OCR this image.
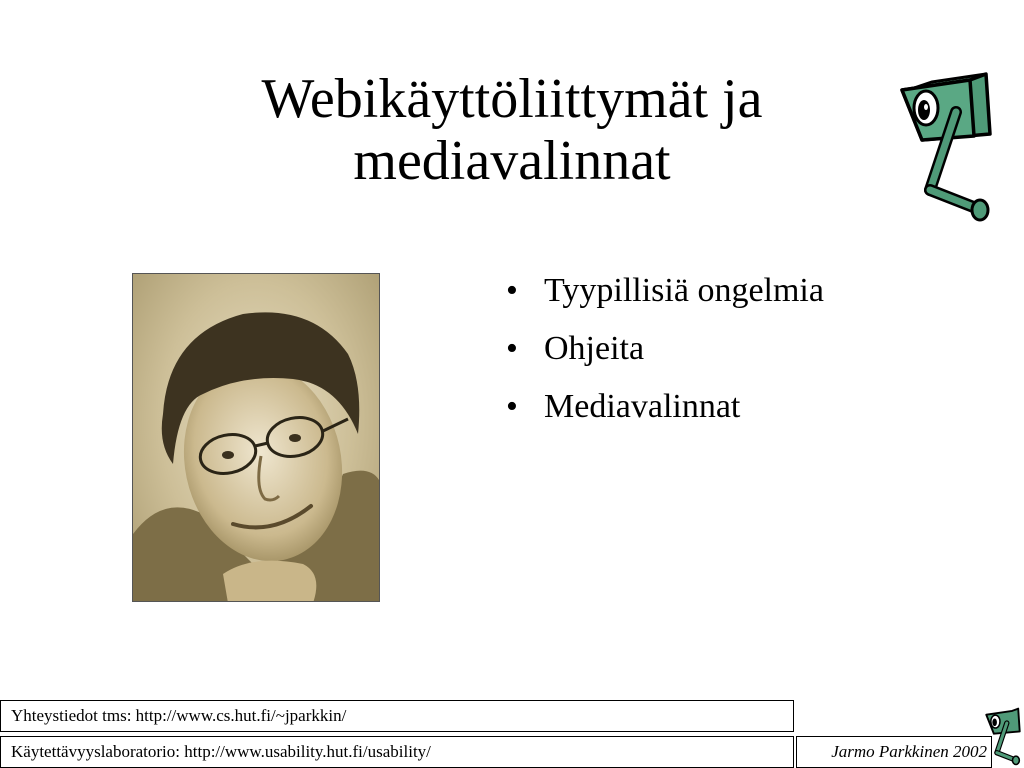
Webikäyttöliittymät ja
mediavalinnat
• Tyypillisiä ongelmia
• Ohjeita
• Mediavalinnat
Yhteystiedot tms: http://www.cs.hut.fi/~jparkkin/
Käytettävyyslaboratorio: http://www.usability.hut.fi/usability/	Jarmo Parkkinen 2002
